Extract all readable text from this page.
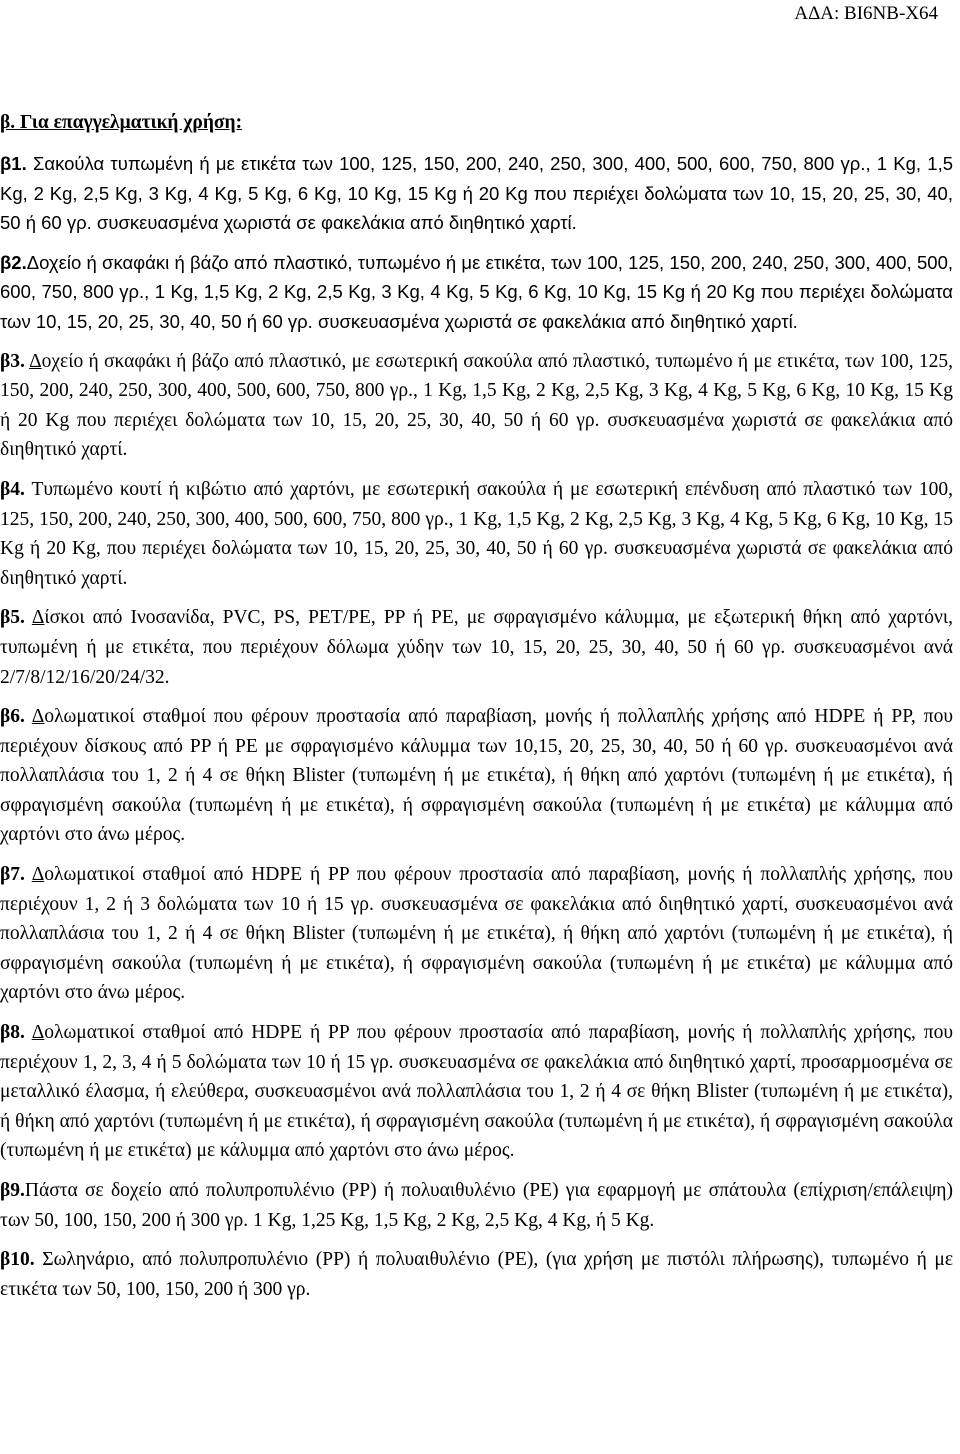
ΑΔΑ: ΒΙ6ΝΒ-Χ64
β. Για επαγγελματική χρήση:
β1. Σακούλα τυπωμένη ή με ετικέτα των 100, 125, 150, 200, 240, 250, 300, 400, 500, 600, 750, 800 γρ., 1 Kg, 1,5 Kg, 2 Kg, 2,5 Kg, 3 Kg, 4 Kg, 5 Kg, 6 Kg, 10 Kg, 15 Kg ή 20 Kg που περιέχει δολώματα των 10, 15, 20, 25, 30, 40, 50 ή 60 γρ. συσκευασμένα χωριστά σε φακελάκια από διηθητικό χαρτί.
β2.Δοχείο ή σκαφάκι ή βάζο από πλαστικό, τυπωμένο ή με ετικέτα, των 100, 125, 150, 200, 240, 250, 300, 400, 500, 600, 750, 800 γρ., 1 Kg, 1,5 Kg, 2 Kg, 2,5 Kg, 3 Kg, 4 Kg, 5 Kg, 6 Kg, 10 Kg, 15 Kg ή 20 Kg που περιέχει δολώματα των 10, 15, 20, 25, 30, 40, 50 ή 60 γρ. συσκευασμένα χωριστά σε φακελάκια από διηθητικό χαρτί.
β3. Δοχείο ή σκαφάκι ή βάζο από πλαστικό, με εσωτερική σακούλα από πλαστικό, τυπωμένο ή με ετικέτα, των 100, 125, 150, 200, 240, 250, 300, 400, 500, 600, 750, 800 γρ., 1 Kg, 1,5 Kg, 2 Kg, 2,5 Kg, 3 Kg, 4 Kg, 5 Kg, 6 Kg, 10 Kg, 15 Kg ή 20 Kg που περιέχει δολώματα των 10, 15, 20, 25, 30, 40, 50 ή 60 γρ. συσκευασμένα χωριστά σε φακελάκια από διηθητικό χαρτί.
β4. Τυπωμένο κουτί ή κιβώτιο από χαρτόνι, με εσωτερική σακούλα ή με εσωτερική επένδυση από πλαστικό των 100, 125, 150, 200, 240, 250, 300, 400, 500, 600, 750, 800 γρ., 1 Kg, 1,5 Kg, 2 Kg, 2,5 Kg, 3 Kg, 4 Kg, 5 Kg, 6 Kg, 10 Kg, 15 Kg ή 20 Kg, που περιέχει δολώματα των 10, 15, 20, 25, 30, 40, 50 ή 60 γρ. συσκευασμένα χωριστά σε φακελάκια από διηθητικό χαρτί.
β5. Δίσκοι από Ινοσανίδα, PVC, PS, PET/PE, PP ή PE, με σφραγισμένο κάλυμμα, με εξωτερική θήκη από χαρτόνι, τυπωμένη ή με ετικέτα, που περιέχουν δόλωμα χύδην των 10, 15, 20, 25, 30, 40, 50 ή 60 γρ. συσκευασμένοι ανά 2/7/8/12/16/20/24/32.
β6. Δολωματικοί σταθμοί που φέρουν προστασία από παραβίαση, μονής ή πολλαπλής χρήσης από HDPE ή PP, που περιέχουν δίσκους από PP ή PE με σφραγισμένο κάλυμμα των 10,15, 20, 25, 30, 40, 50 ή 60 γρ. συσκευασμένοι ανά πολλαπλάσια του 1, 2 ή 4 σε θήκη Blister (τυπωμένη ή με ετικέτα), ή θήκη από χαρτόνι (τυπωμένη ή με ετικέτα), ή σφραγισμένη σακούλα (τυπωμένη ή με ετικέτα), ή σφραγισμένη σακούλα (τυπωμένη ή με ετικέτα) με κάλυμμα από χαρτόνι στο άνω μέρος.
β7. Δολωματικοί σταθμοί από HDPE ή PP που φέρουν προστασία από παραβίαση, μονής ή πολλαπλής χρήσης, που περιέχουν 1, 2 ή 3 δολώματα των 10 ή 15 γρ. συσκευασμένα σε φακελάκια από διηθητικό χαρτί, συσκευασμένοι ανά πολλαπλάσια του 1, 2 ή 4 σε θήκη Blister (τυπωμένη ή με ετικέτα), ή θήκη από χαρτόνι (τυπωμένη ή με ετικέτα), ή σφραγισμένη σακούλα (τυπωμένη ή με ετικέτα), ή σφραγισμένη σακούλα (τυπωμένη ή με ετικέτα) με κάλυμμα από χαρτόνι στο άνω μέρος.
β8. Δολωματικοί σταθμοί από HDPE ή PP που φέρουν προστασία από παραβίαση, μονής ή πολλαπλής χρήσης, που περιέχουν 1, 2, 3, 4 ή 5 δολώματα των 10 ή 15 γρ. συσκευασμένα σε φακελάκια από διηθητικό χαρτί, προσαρμοσμένα σε μεταλλικό έλασμα, ή ελεύθερα, συσκευασμένοι ανά πολλαπλάσια του 1, 2 ή 4 σε θήκη Blister (τυπωμένη ή με ετικέτα), ή θήκη από χαρτόνι (τυπωμένη ή με ετικέτα), ή σφραγισμένη σακούλα (τυπωμένη ή με ετικέτα), ή σφραγισμένη σακούλα (τυπωμένη ή με ετικέτα) με κάλυμμα από χαρτόνι στο άνω μέρος.
β9.Πάστα σε δοχείο από πολυπροπυλένιο (PP) ή πολυαιθυλένιο (PE) για εφαρμογή με σπάτουλα (επίχριση/επάλειψη) των 50, 100, 150, 200 ή 300 γρ. 1 Kg, 1,25 Kg, 1,5 Kg, 2 Kg, 2,5 Kg, 4 Kg, ή 5 Kg.
β10. Σωληνάριο, από πολυπροπυλένιο (PP) ή πολυαιθυλένιο (PE), (για χρήση με πιστόλι πλήρωσης), τυπωμένο ή με ετικέτα των 50, 100, 150, 200 ή 300 γρ.
